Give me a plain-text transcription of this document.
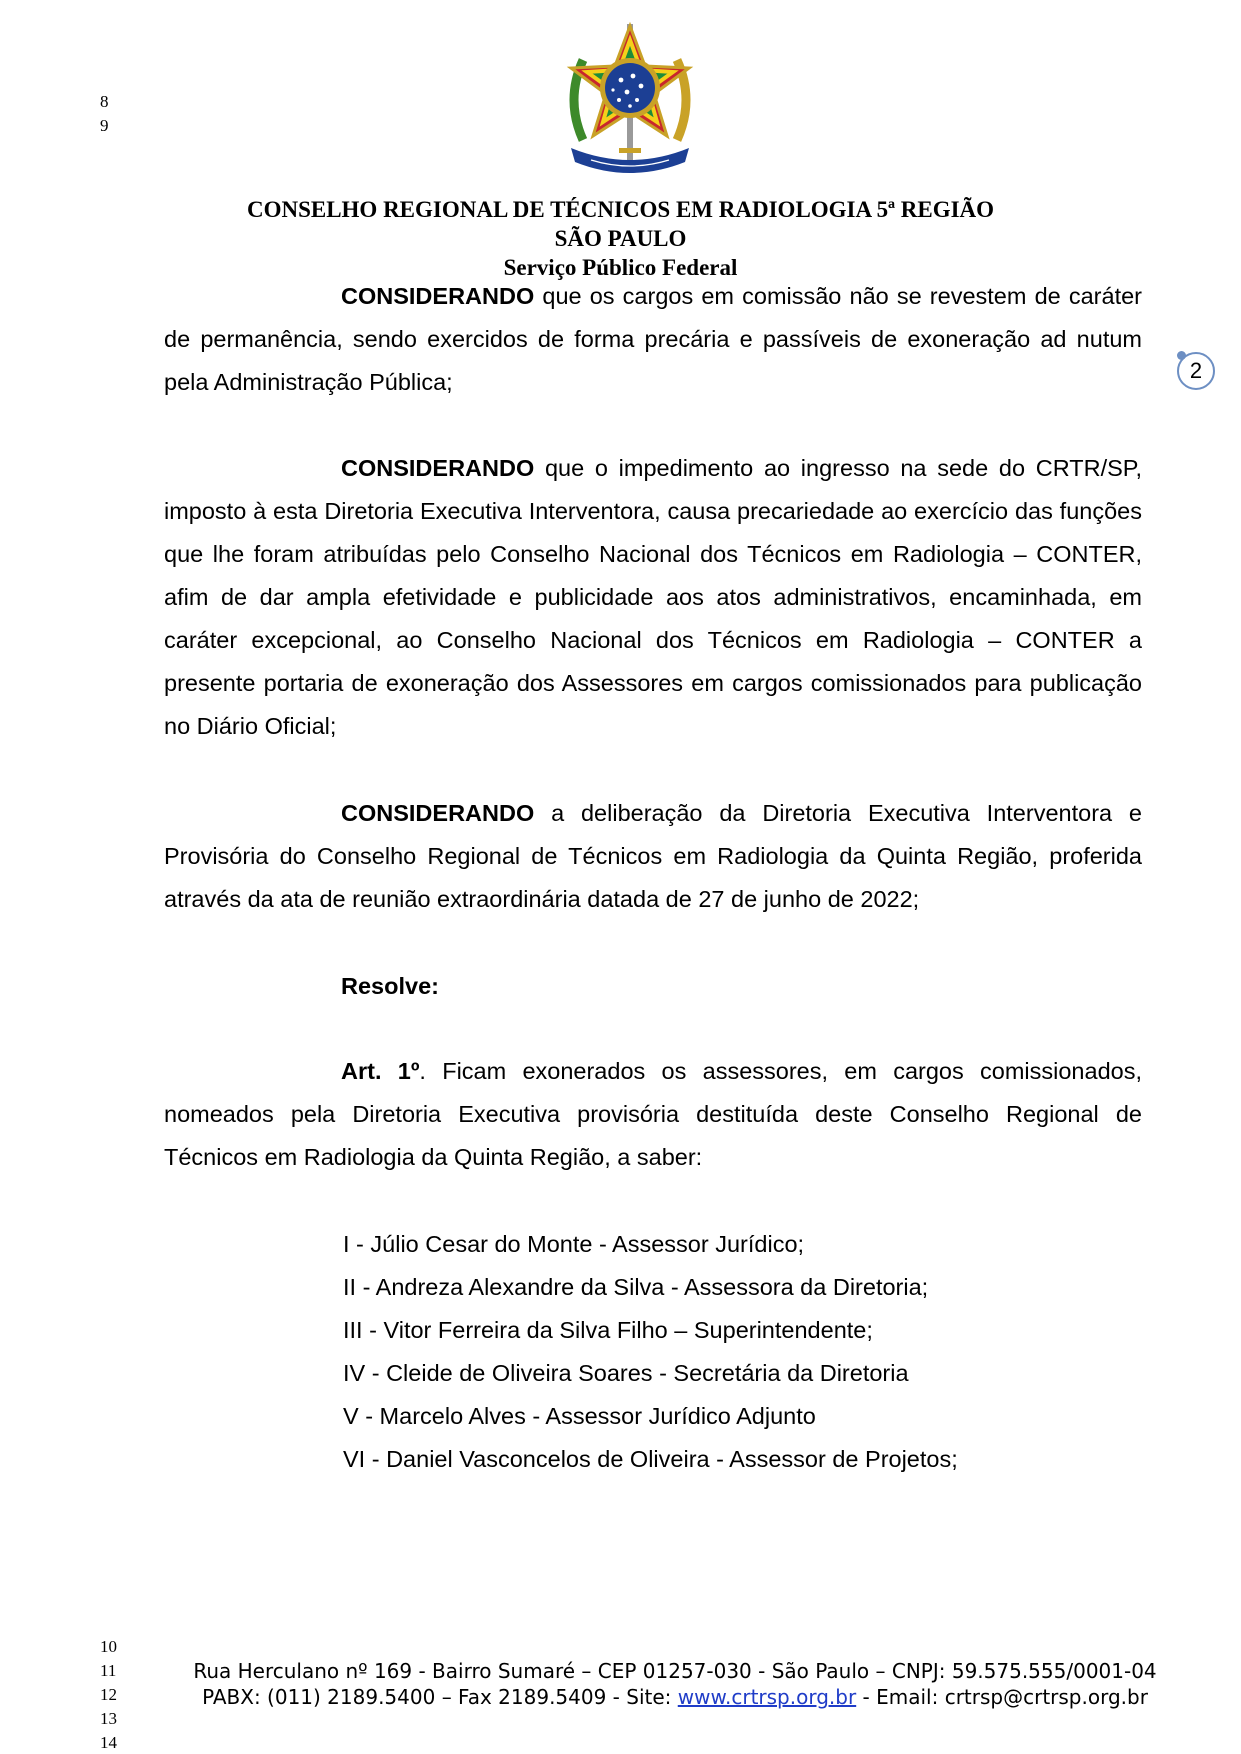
8
9
CONSELHO REGIONAL DE TÉCNICOS EM RADIOLOGIA 5ª REGIÃO
SÃO PAULO
Serviço Público Federal
2
CONSIDERANDO que os cargos em comissão não se revestem de caráter de permanência, sendo exercidos de forma precária e passíveis de exoneração ad nutum pela Administração Pública;
CONSIDERANDO que o impedimento ao ingresso na sede do CRTR/SP, imposto à esta Diretoria Executiva Interventora, causa precariedade ao exercício das funções que lhe foram atribuídas pelo Conselho Nacional dos Técnicos em Radiologia – CONTER, afim de dar ampla efetividade e publicidade aos atos administrativos, encaminhada, em caráter excepcional, ao Conselho Nacional dos Técnicos em Radiologia – CONTER a presente portaria de exoneração dos Assessores em cargos comissionados para publicação no Diário Oficial;
CONSIDERANDO a deliberação da Diretoria Executiva Interventora e Provisória do Conselho Regional de Técnicos em Radiologia da Quinta Região, proferida através da ata de reunião extraordinária datada de 27 de junho de 2022;
Resolve:
Art. 1º. Ficam exonerados os assessores, em cargos comissionados, nomeados pela Diretoria Executiva provisória destituída deste Conselho Regional de Técnicos em Radiologia da Quinta Região, a saber:
I - Júlio Cesar do Monte - Assessor Jurídico;
II - Andreza Alexandre da Silva - Assessora da Diretoria;
III - Vitor Ferreira da Silva Filho – Superintendente;
IV - Cleide de Oliveira Soares - Secretária da Diretoria
V - Marcelo Alves - Assessor Jurídico Adjunto
VI - Daniel Vasconcelos de Oliveira - Assessor de Projetos;
10
11
12
13
14
Rua Herculano nº 169 - Bairro Sumaré – CEP 01257-030 - São Paulo – CNPJ: 59.575.555/0001-04
PABX: (011) 2189.5400 – Fax 2189.5409 - Site: www.crtrsp.org.br - Email: crtrsp@crtrsp.org.br
